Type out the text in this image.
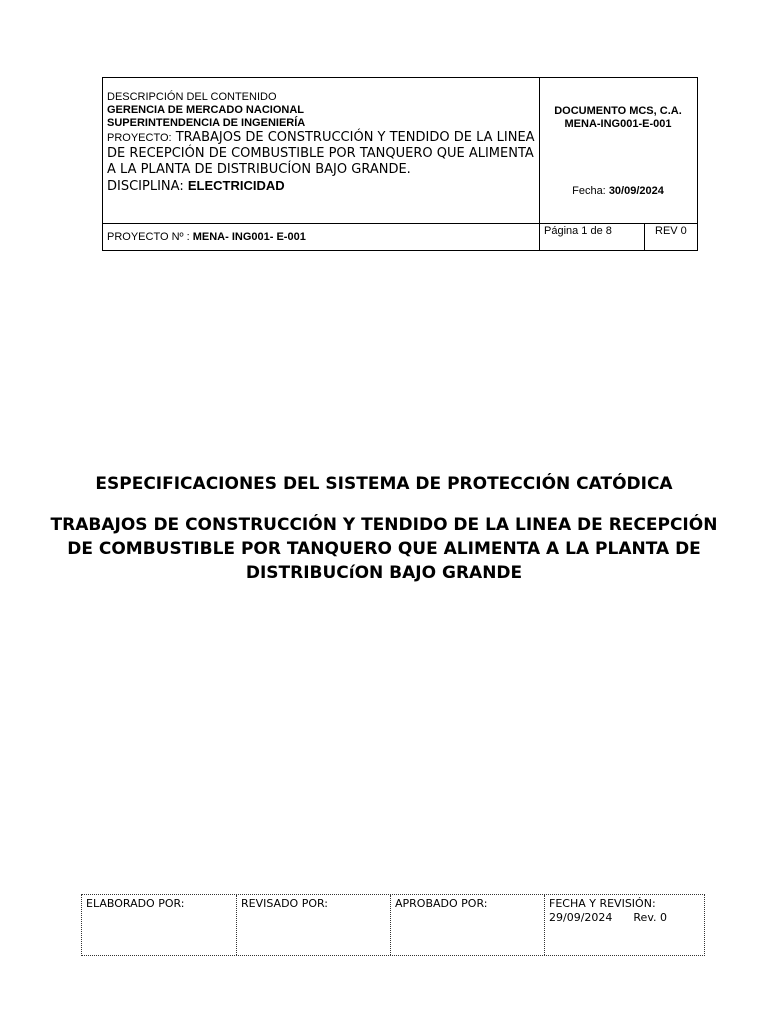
DESCRIPCIÓN DEL CONTENIDO
GERENCIA DE MERCADO NACIONAL
SUPERINTENDENCIA DE INGENIERÍA
PROYECTO: TRABAJOS DE CONSTRUCCIÓN Y TENDIDO DE LA LINEA DE RECEPCIÓN DE COMBUSTIBLE POR TANQUERO QUE ALIMENTA A LA PLANTA DE DISTRIBUCÍON BAJO GRANDE.
DISCIPLINA: ELECTRICIDAD
DOCUMENTO MCS, C.A.
MENA-ING001-E-001
Fecha: 30/09/2024
PROYECTO Nº : MENA- ING001- E-001	Página 1 de 8	REV 0
ESPECIFICACIONES DEL SISTEMA DE PROTECCIÓN CATÓDICA
TRABAJOS DE CONSTRUCCIÓN Y TENDIDO DE LA LINEA DE RECEPCIÓN DE COMBUSTIBLE POR TANQUERO QUE ALIMENTA A LA PLANTA DE DISTRIBUCíON BAJO GRANDE
ELABORADO POR:	REVISADO POR:	APROBADO POR:	FECHA Y REVISIÓN:
29/09/2024 Rev. 0
